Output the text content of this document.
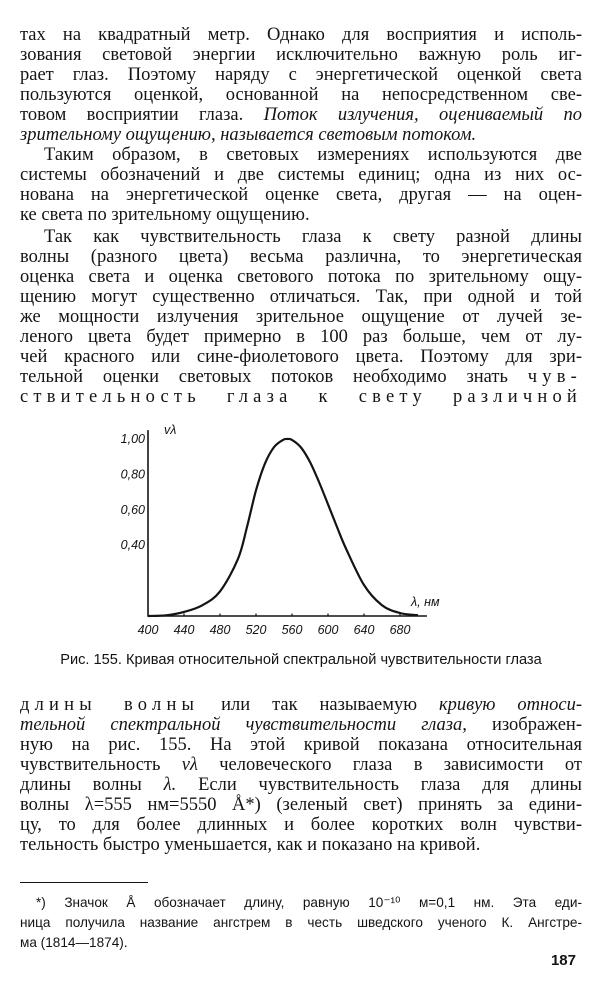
тах на квадратный метр. Однако для восприятия и исполь-
зования световой энергии исключительно важную роль иг-
рает глаз. Поэтому наряду с энергетической оценкой света
пользуются оценкой, основанной на непосредственном све-
товом восприятии глаза. Поток излучения, оцениваемый по
зрительному ощущению, называется световым потоком.
Таким образом, в световых измерениях используются две
системы обозначений и две системы единиц; одна из них ос-
нована на энергетической оценке света, другая — на оцен-
ке света по зрительному ощущению.
Так как чувствительность глаза к свету разной длины
волны (разного цвета) весьма различна, то энергетическая
оценка света и оценка светового потока по зрительному ощу-
щению могут существенно отличаться. Так, при одной и той
же мощности излучения зрительное ощущение от лучей зе-
леного цвета будет примерно в 100 раз больше, чем от лу-
чей красного или сине-фиолетового цвета. Поэтому для зри-
тельной оценки световых потоков необходимо знать чув-
ствительность глаза к свету различной
0,40
0,60
0,80
1,00
400 440 480 520 560 600 640 680
vλ
λ, нм
Рис. 155. Кривая относительной спектральной чувствительности глаза
длины волны или так называемую кривую относи-
тельной спектральной чувствительности глаза, изображен-
ную на рис. 155. На этой кривой показана относительная
чувствительность vλ человеческого глаза в зависимости от
длины волны λ. Если чувствительность глаза для длины
волны λ=555 нм=5550 Å*) (зеленый свет) принять за едини-
цу, то для более длинных и более коротких волн чувстви-
тельность быстро уменьшается, как и показано на кривой.
*) Значок Å обозначает длину, равную 10⁻¹⁰ м=0,1 нм. Эта еди-
ница получила название ангстрем в честь шведского ученого К. Ангстре-
ма (1814—1874).
187
